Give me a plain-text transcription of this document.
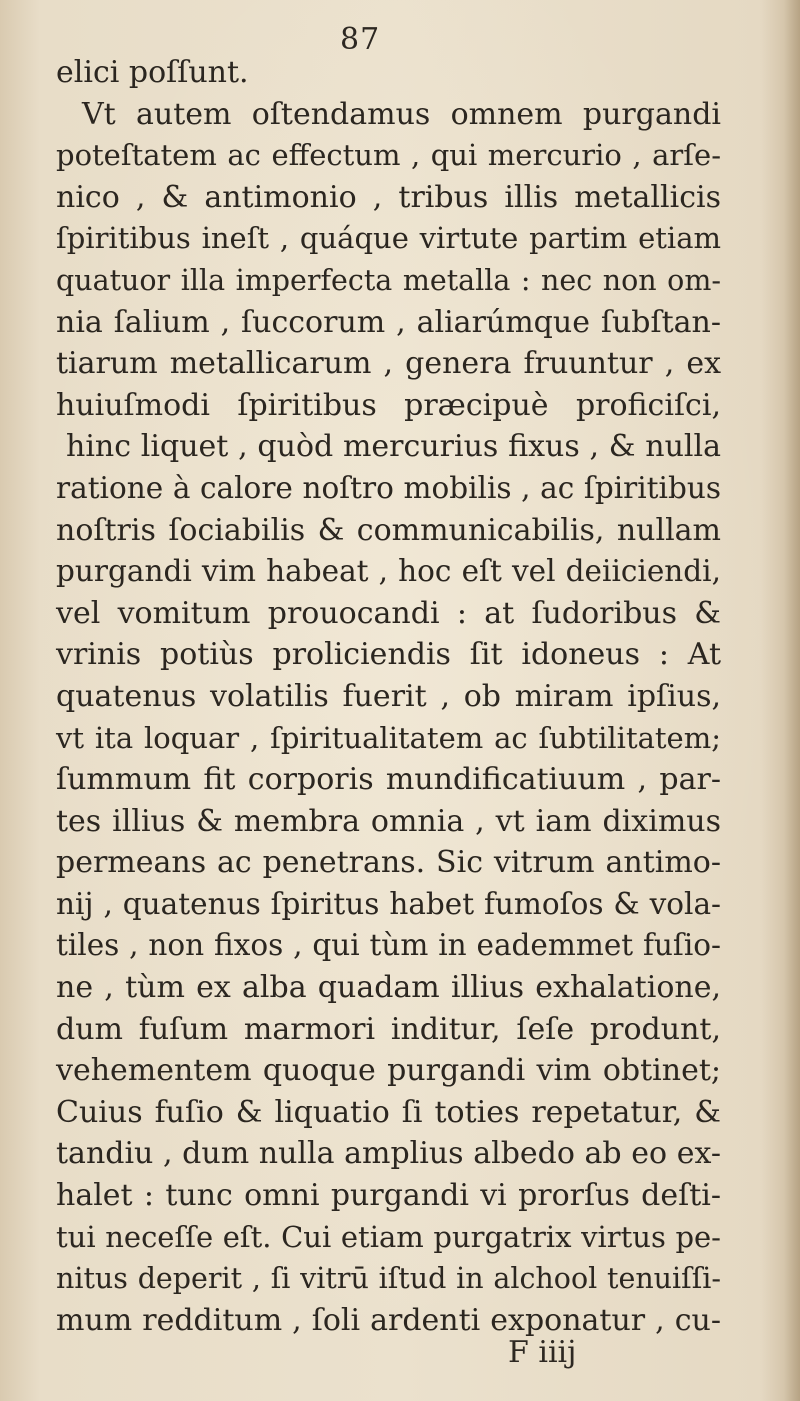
87
elici poſſunt.
Vt autem oſtendamus omnem purgandi
poteſtatem ac effectum , qui mercurio , arſe-
nico , & antimonio , tribus illis metallicis
ſpiritibus ineſt , quáque virtute partim etiam
quatuor illa imperfecta metalla : nec non om-
nia ſalium , ſuccorum , aliarúmque ſubſtan-
tiarum metallicarum , genera fruuntur , ex
huiuſmodi ſpiritibus præcipuè proficiſci,
hinc liquet , quòd mercurius fixus , & nulla
ratione à calore noſtro mobilis , ac ſpiritibus
noſtris ſociabilis & communicabilis, nullam
purgandi vim habeat , hoc eſt vel deiiciendi,
vel vomitum prouocandi : at ſudoribus &
vrinis potiùs proliciendis ſit idoneus : At
quatenus volatilis fuerit , ob miram ipſius,
vt ita loquar , ſpiritualitatem ac ſubtilitatem;
ſummum fit corporis mundificatiuum , par-
tes illius & membra omnia , vt iam diximus
permeans ac penetrans. Sic vitrum antimo-
nij , quatenus ſpiritus habet fumoſos & vola-
tiles , non fixos , qui tùm in eademmet fuſio-
ne , tùm ex alba quadam illius exhalatione,
dum fuſum marmori inditur, ſeſe produnt,
vehementem quoque purgandi vim obtinet;
Cuius fuſio & liquatio ſi toties repetatur, &
tandiu , dum nulla amplius albedo ab eo ex-
halet : tunc omni purgandi vi prorſus deſti-
tui neceſſe eſt. Cui etiam purgatrix virtus pe-
nitus deperit , ſi vitrū iſtud in alchool tenuiſſi-
mum redditum , ſoli ardenti exponatur , cu-
F iiij
